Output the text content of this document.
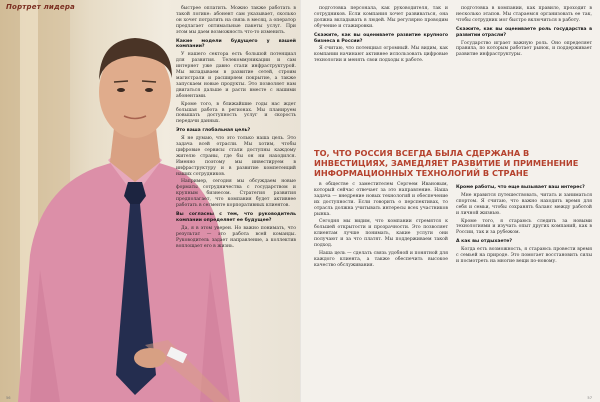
Портрет лидера	быстрее оплатить. Можно также работать в такой логике: абонент сам указывает, сколько он хочет потратить на связь в месяц, а оператор предлагает оптимальные пакеты услуг. При этом мы даем возможность что-то изменить.

Какие модели будущего у вашей компании?

У нашего сектора есть большой потенциал для развития. Телекоммуникации и сам интернет уже давно стали инфраструктурой. Мы вкладываем в развитие сетей, строим магистрали и расширяем покрытие, а также запускаем новые продукты. Это позволяет нам двигаться дальше и расти вместе с нашими абонентами.

Кроме того, в ближайшие годы нас ждет большая работа в регионах. Мы планируем повышать доступность услуг и скорость передачи данных.

Это ваша глобальная цель?

Я не думаю, что это только наша цель. Это задача всей отрасли. Мы хотим, чтобы цифровые сервисы стали доступны каждому жителю страны, где бы он ни находился. Именно поэтому мы инвестируем в инфраструктуру и в развитие компетенций наших сотрудников.

Например, сегодня мы обсуждаем новые форматы сотрудничества с государством и крупным бизнесом. Стратегия развития предполагает, что компания будет активнее работать в сегменте корпоративных клиентов.

Вы согласны с тем, что руководитель компании определяет ее будущее?

Да, я в этом уверен. Но важно понимать, что результат — это работа всей команды. Руководитель задает направление, а коллектив воплощает его в жизнь.

подготовка персонала, как руководителя, так и сотрудников. Если компания хочет развиваться, она должна вкладывать в людей. Мы регулярно проводим обучение и стажировки.

Скажите, как вы оцениваете развитие крупного бизнеса в России?

Я считаю, что потенциал огромный. Мы видим, как компании начинают активнее использовать цифровые технологии и менять свои подходы к работе.

подготовка в компании, как правило, проходит в несколько этапов. Мы стараемся организовать ее так, чтобы сотрудник мог быстро включиться в работу.

Скажите, как вы оцениваете роль государства в развитии отрасли?

Государство играет важную роль. Оно определяет правила, по которым работает рынок, и поддерживает развитие инфраструктуры.

ТО, ЧТО РОССИЯ ВСЕГДА БЫЛА СДЕРЖАНА В ИНВЕСТИЦИЯХ, ЗАМЕДЛЯЕТ РАЗВИТИЕ И ПРИМЕНЕНИЕ ИНФОРМАЦИОННЫХ ТЕХНОЛОГИЙ В СТРАНЕ

в обществе с заместителем Сергеем Ивановым, который сейчас отвечает за это направление. Наша задача — внедрение новых технологий и обеспечение их доступности. Если говорить о перспективах, то отрасль должна учитывать интересы всех участников рынка.

Сегодня мы видим, что компании стремятся к большей открытости и прозрачности. Это позволяет клиентам лучше понимать, какие услуги они получают и за что платят. Мы поддерживаем такой подход.

Наша цель — сделать связь удобной и понятной для каждого клиента, а также обеспечить высокое качество обслуживания.

Кроме работы, что еще вызывает ваш интерес?

Мне нравится путешествовать, читать и заниматься спортом. Я считаю, что важно находить время для себя и семьи, чтобы сохранять баланс между работой и личной жизнью.

Кроме того, я стараюсь следить за новыми технологиями и изучать опыт других компаний, как в России, так и за рубежом.

А как вы отдыхаете?

Когда есть возможность, я стараюсь провести время с семьей на природе. Это помогает восстановить силы и посмотреть на многие вещи по-новому.

56	57
